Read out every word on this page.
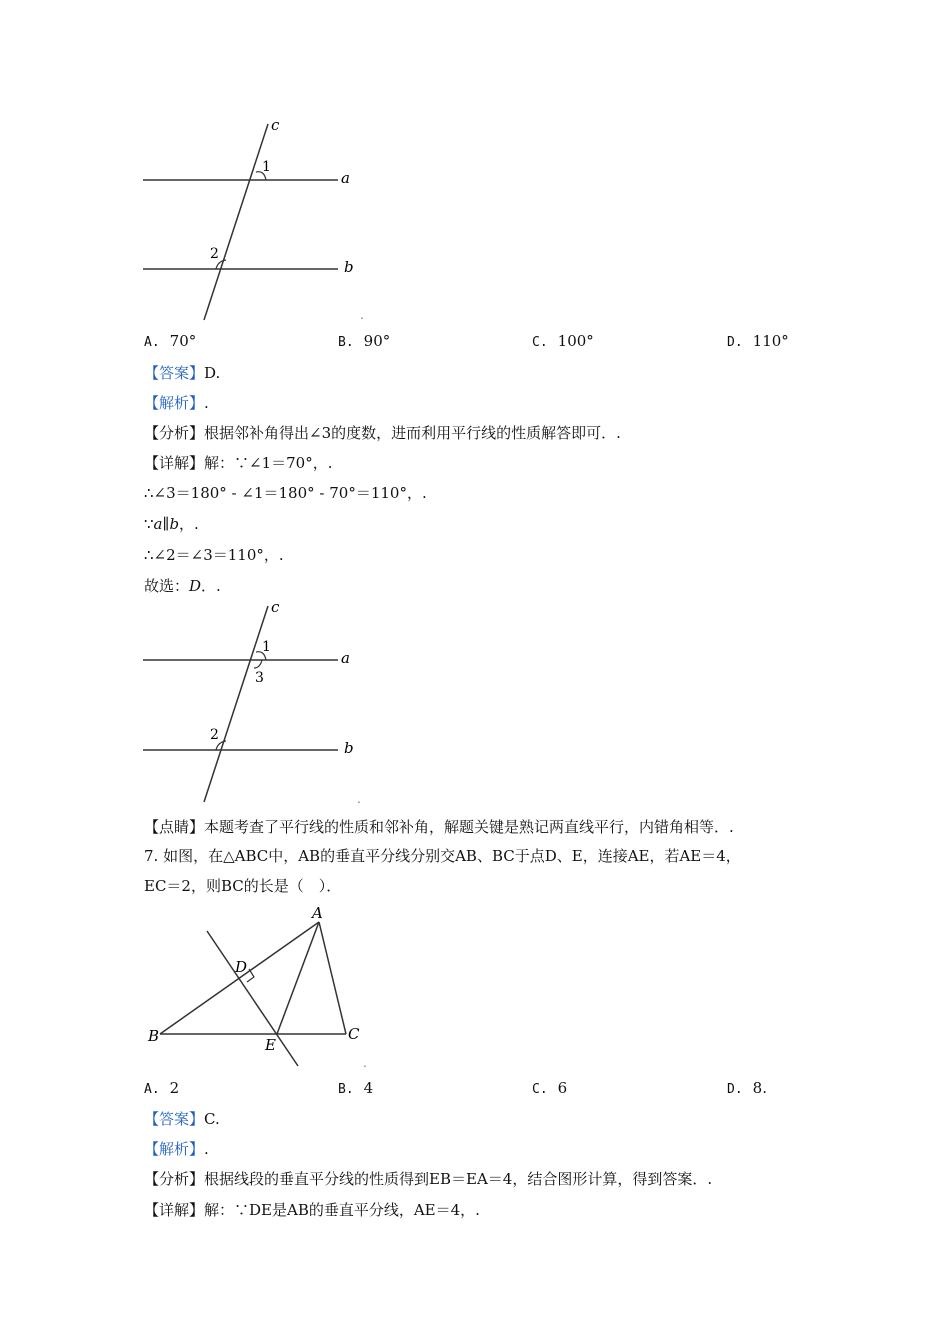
c
a
b
1
2
.
A. 70°	B. 90°	C. 100°	D. 110°
【答案】D.
【解析】.
【分析】根据邻补角得出∠3的度数，进而利用平行线的性质解答即可．.
【详解】解：∵∠1＝70°，.
∴∠3＝180° - ∠1＝180° - 70°＝110°，.
∵a∥b，.
∴∠2＝∠3＝110°，.
故选：D．.
c
a
b
1
3
2
.
【点睛】本题考查了平行线的性质和邻补角，解题关键是熟记两直线平行，内错角相等．.
7. 如图，在△ABC中，AB的垂直平分线分别交AB、BC于点D、E，连接AE，若AE＝4，
EC＝2，则BC的长是（　）．
A
B	C
D
E
.
A. 2	B. 4	C. 6	D. 8.
【答案】C.
【解析】.
【分析】根据线段的垂直平分线的性质得到EB＝EA＝4，结合图形计算，得到答案．.
【详解】解：∵DE是AB的垂直平分线，AE＝4，.
